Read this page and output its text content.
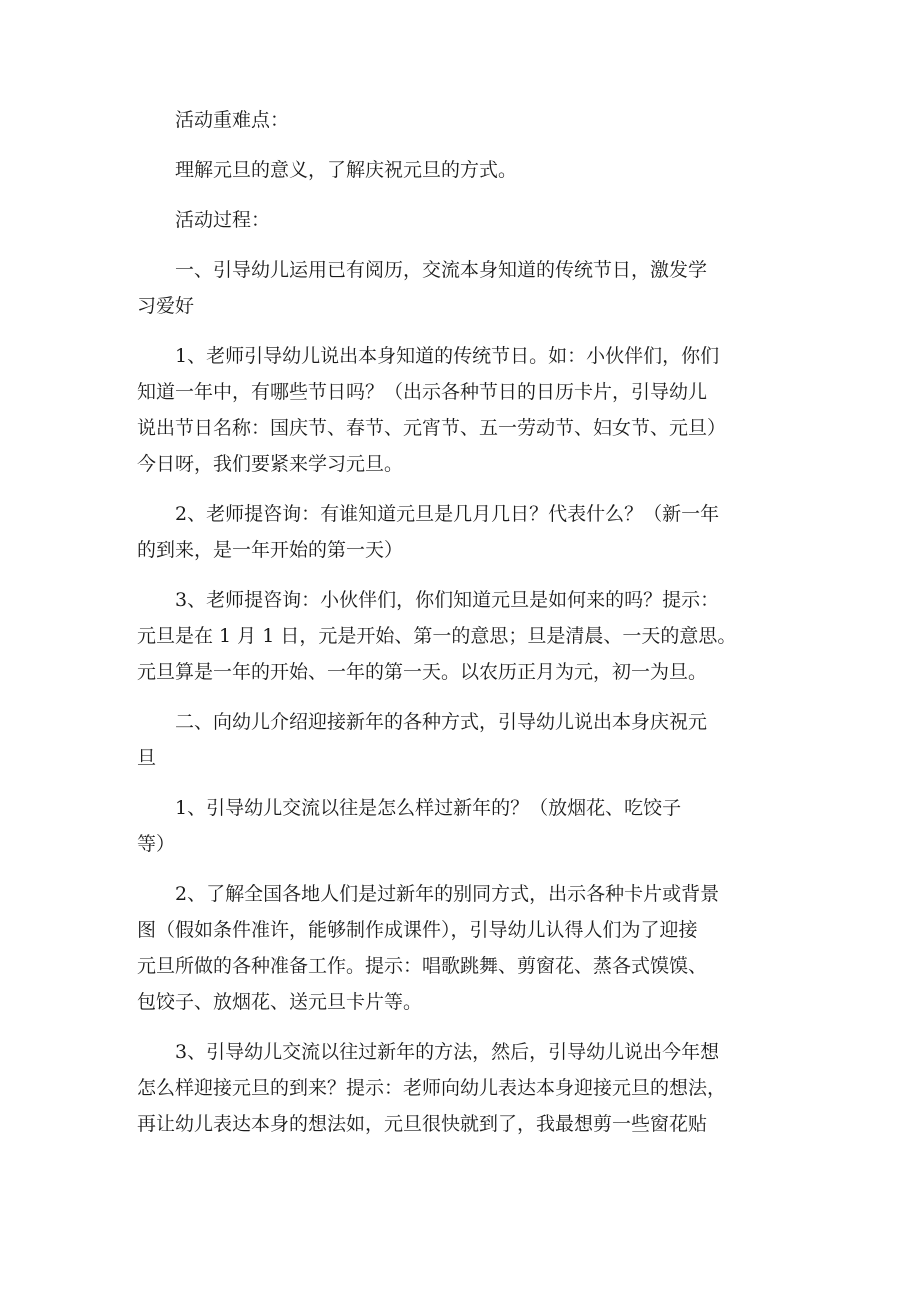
活动重难点：
理解元旦的意义，了解庆祝元旦的方式。
活动过程：
一、引导幼儿运用已有阅历，交流本身知道的传统节日，激发学
习爱好
1、老师引导幼儿说出本身知道的传统节日。如：小伙伴们，你们
知道一年中，有哪些节日吗？（出示各种节日的日历卡片，引导幼儿
说出节日名称：国庆节、春节、元宵节、五一劳动节、妇女节、元旦）
今日呀，我们要紧来学习元旦。
2、老师提咨询：有谁知道元旦是几月几日？代表什么？（新一年
的到来，是一年开始的第一天）
3、老师提咨询：小伙伴们，你们知道元旦是如何来的吗？提示：
元旦是在 1 月 1 日，元是开始、第一的意思；旦是清晨、一天的意思。
元旦算是一年的开始、一年的第一天。以农历正月为元，初一为旦。
二、向幼儿介绍迎接新年的各种方式，引导幼儿说出本身庆祝元
旦
1、引导幼儿交流以往是怎么样过新年的？（放烟花、吃饺子
等）
2、了解全国各地人们是过新年的别同方式，出示各种卡片或背景
图（假如条件准许，能够制作成课件），引导幼儿认得人们为了迎接
元旦所做的各种准备工作。提示：唱歌跳舞、剪窗花、蒸各式馍馍、
包饺子、放烟花、送元旦卡片等。
3、引导幼儿交流以往过新年的方法，然后，引导幼儿说出今年想
怎么样迎接元旦的到来？提示：老师向幼儿表达本身迎接元旦的想法，
再让幼儿表达本身的想法如，元旦很快就到了，我最想剪一些窗花贴
